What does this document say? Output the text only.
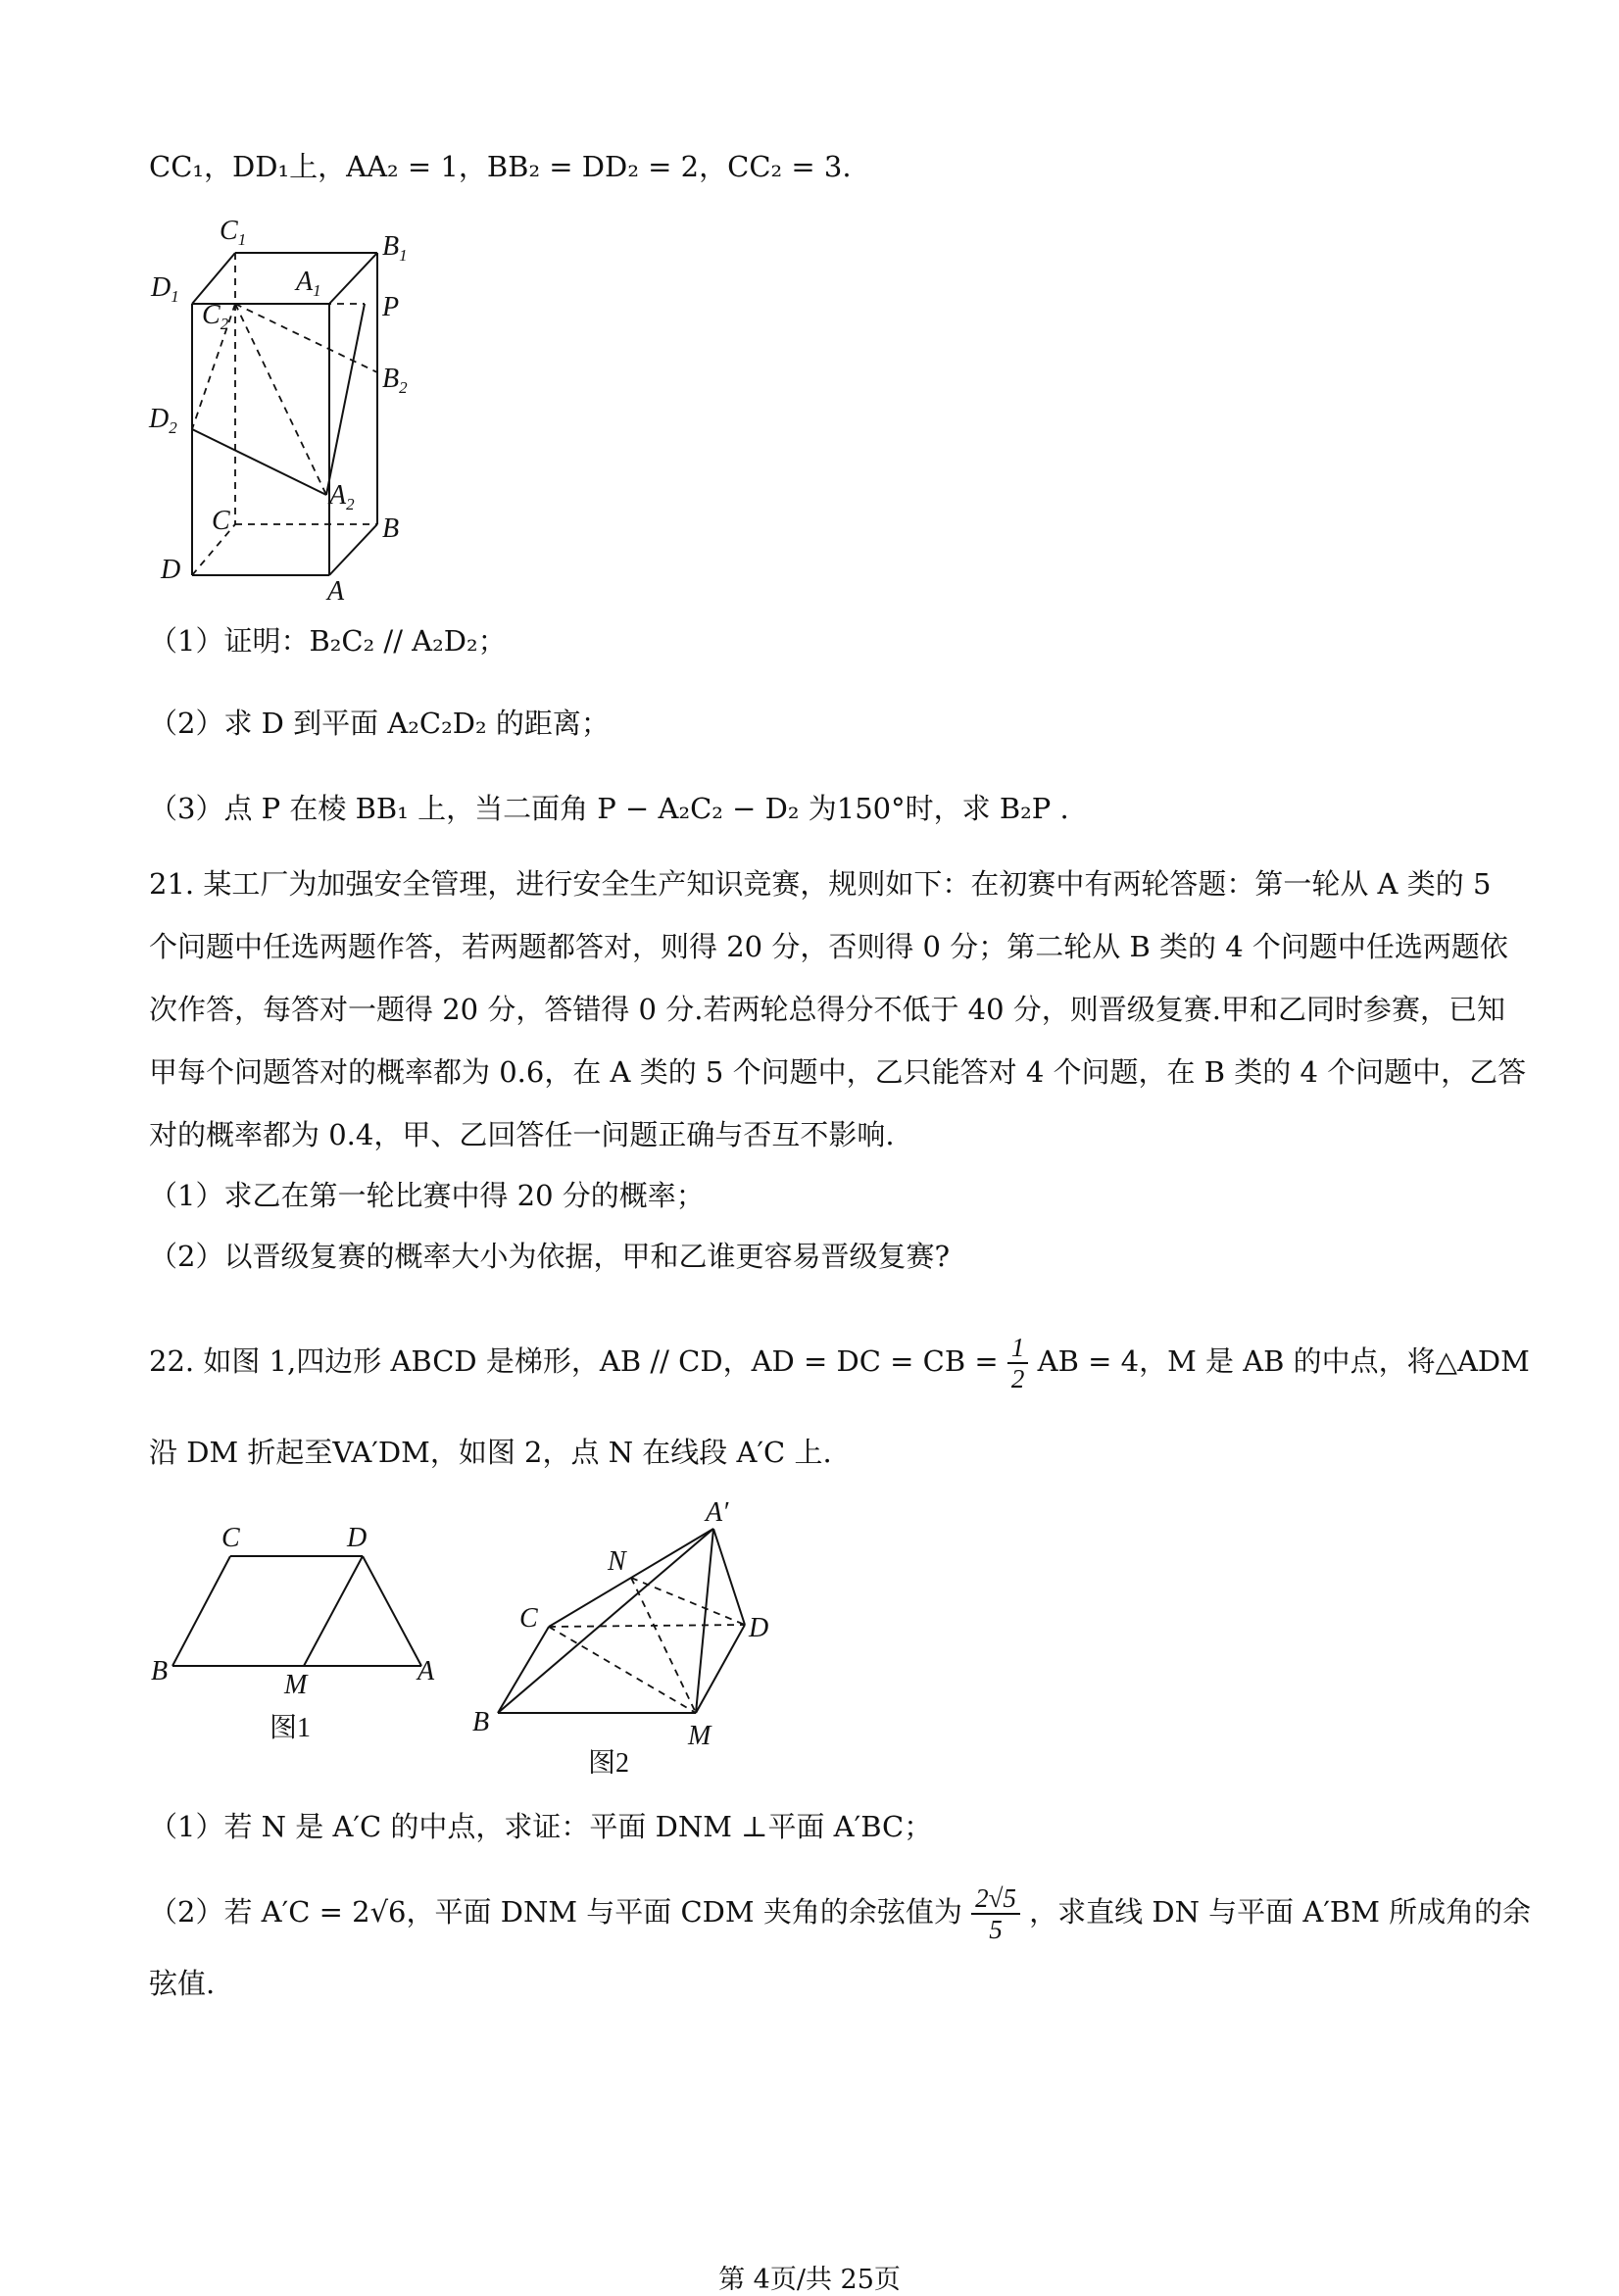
CC₁，DD₁上，AA₂ = 1，BB₂ = DD₂ = 2，CC₂ = 3.
$C_1$	$B_1$
$A_1$
$D_1$
$C_2$
P
$B_2$
$D_2$
$A_2$
C	B
D
A
（1）证明：B₂C₂ // A₂D₂；
（2）求 D 到平面 A₂C₂D₂ 的距离；
（3）点 P 在棱 BB₁ 上，当二面角 P − A₂C₂ − D₂ 为150°时，求 B₂P .
21. 某工厂为加强安全管理，进行安全生产知识竞赛，规则如下：在初赛中有两轮答题：第一轮从 A 类的 5
个问题中任选两题作答，若两题都答对，则得 20 分，否则得 0 分；第二轮从 B 类的 4 个问题中任选两题依
次作答，每答对一题得 20 分，答错得 0 分.若两轮总得分不低于 40 分，则晋级复赛.甲和乙同时参赛，已知
甲每个问题答对的概率都为 0.6，在 A 类的 5 个问题中，乙只能答对 4 个问题，在 B 类的 4 个问题中，乙答
对的概率都为 0.4，甲、乙回答任一问题正确与否互不影响.
（1）求乙在第一轮比赛中得 20 分的概率；
（2）以晋级复赛的概率大小为依据，甲和乙谁更容易晋级复赛?
22. 如图 1,四边形 ABCD 是梯形，AB // CD，AD = DC = CB = $\frac{1}{2}$ AB = 4，M 是 AB 的中点，将△ADM
沿 DM 折起至VA′DM，如图 2，点 N 在线段 A′C 上.
C	D
B	M	A
图1
A′
N
C	D
B	M
图2
（1）若 N 是 A′C 的中点，求证：平面 DNM ⊥平面 A′BC；
（2）若 A′C = 2√6，平面 DNM 与平面 CDM 夹角的余弦值为 $\frac{2√5}{5}$ ，求直线 DN 与平面 A′BM 所成角的余
弦值.
第 4页/共 25页
